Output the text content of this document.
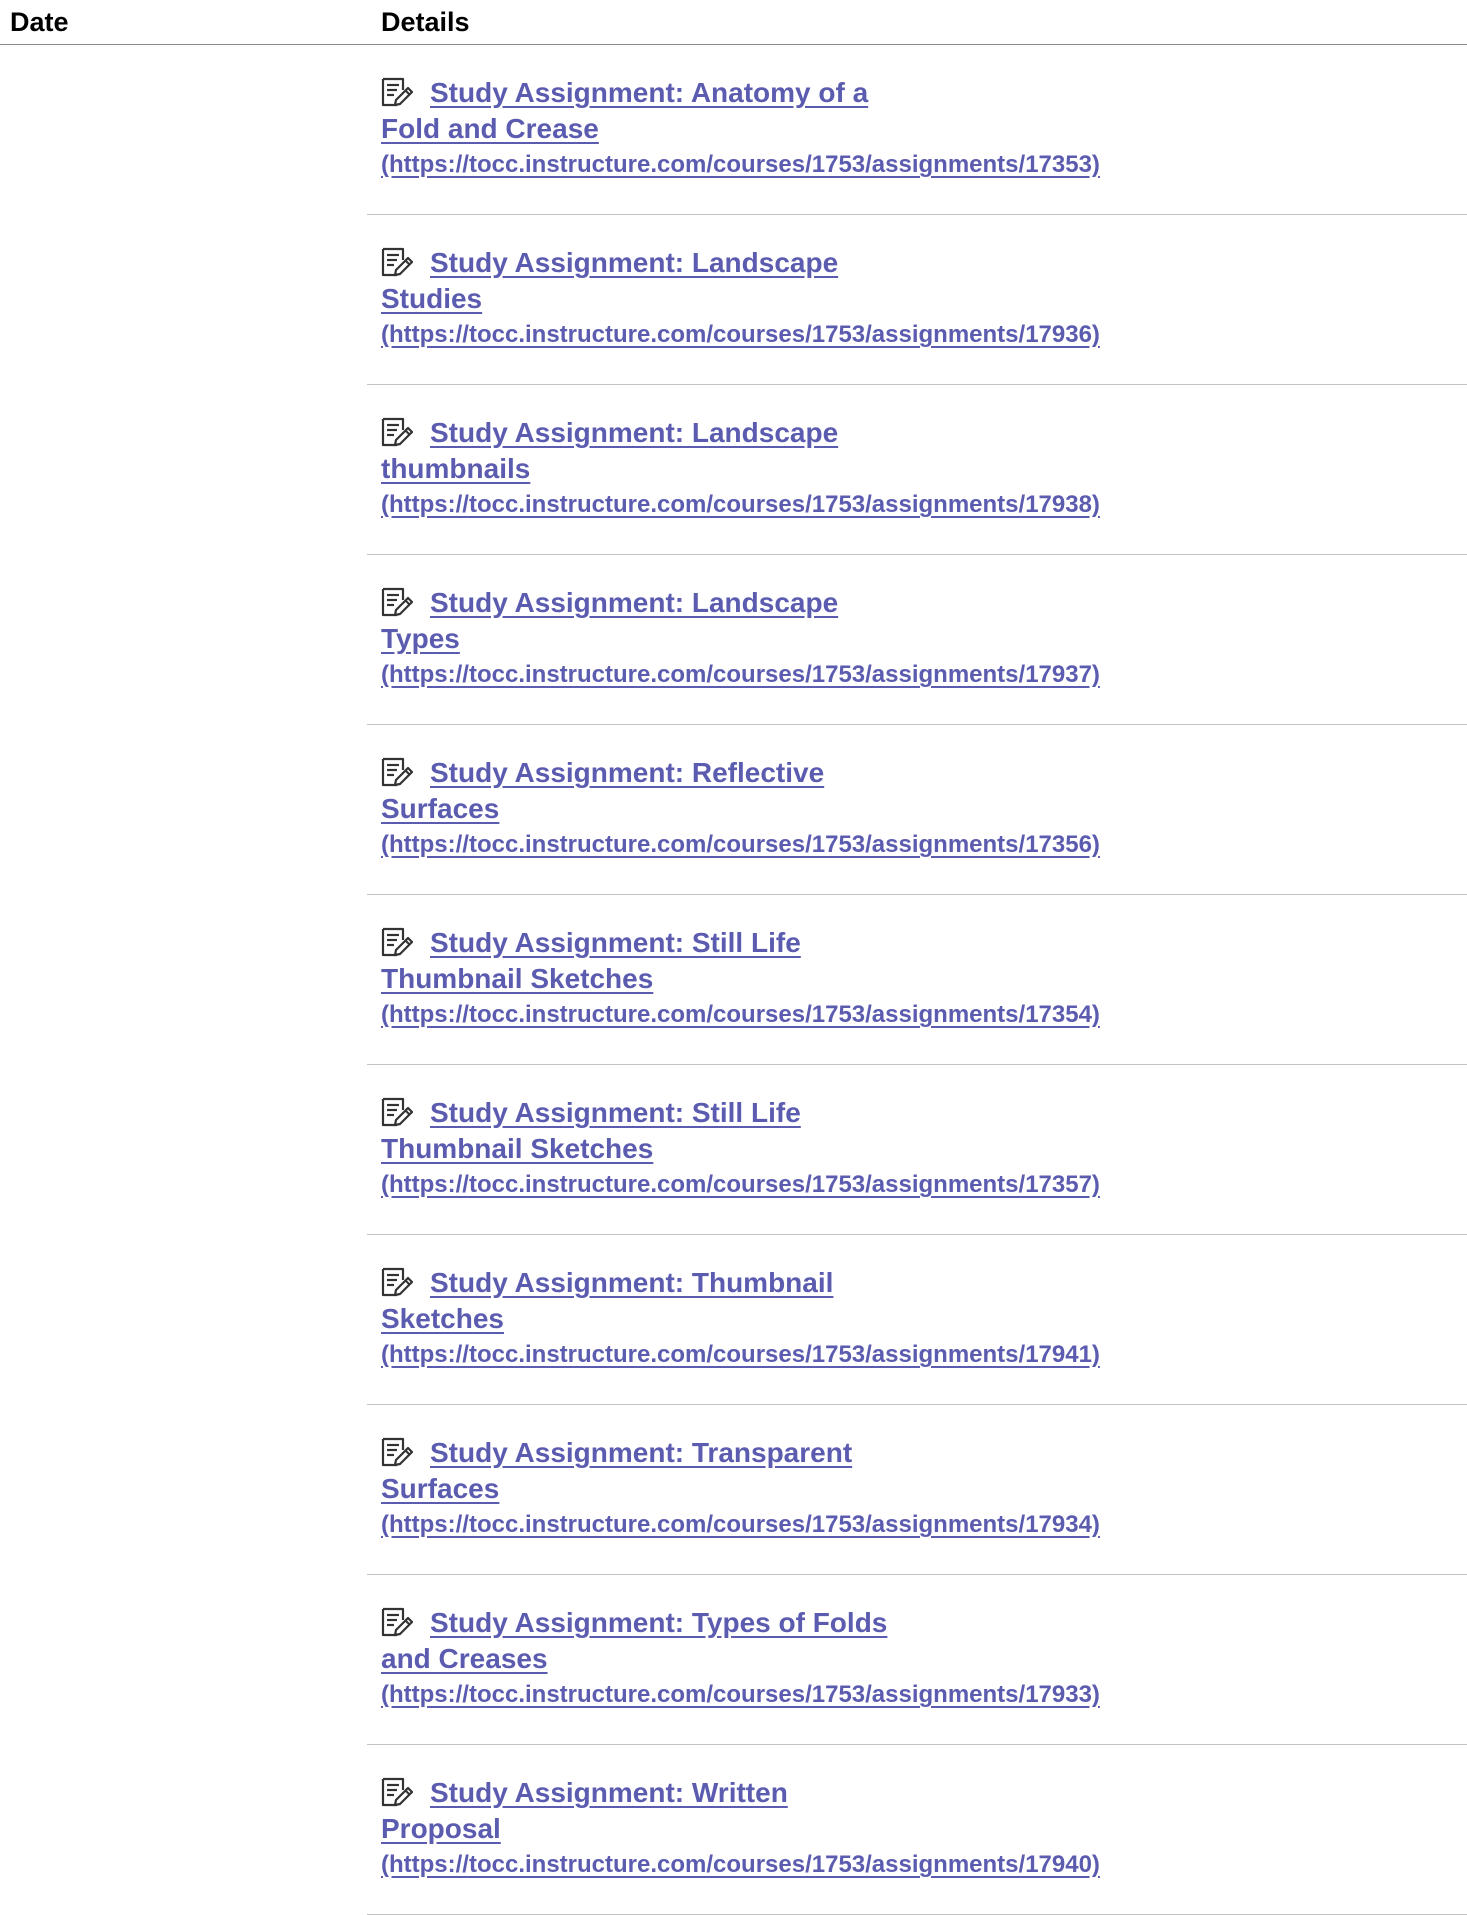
Date	Details
Study Assignment: Anatomy of a
Fold and Crease
(https://tocc.instructure.com/courses/1753/assignments/17353)
Study Assignment: Landscape
Studies
(https://tocc.instructure.com/courses/1753/assignments/17936)
Study Assignment: Landscape
thumbnails
(https://tocc.instructure.com/courses/1753/assignments/17938)
Study Assignment: Landscape
Types
(https://tocc.instructure.com/courses/1753/assignments/17937)
Study Assignment: Reflective
Surfaces
(https://tocc.instructure.com/courses/1753/assignments/17356)
Study Assignment: Still Life
Thumbnail Sketches
(https://tocc.instructure.com/courses/1753/assignments/17354)
Study Assignment: Still Life
Thumbnail Sketches
(https://tocc.instructure.com/courses/1753/assignments/17357)
Study Assignment: Thumbnail
Sketches
(https://tocc.instructure.com/courses/1753/assignments/17941)
Study Assignment: Transparent
Surfaces
(https://tocc.instructure.com/courses/1753/assignments/17934)
Study Assignment: Types of Folds
and Creases
(https://tocc.instructure.com/courses/1753/assignments/17933)
Study Assignment: Written
Proposal
(https://tocc.instructure.com/courses/1753/assignments/17940)
